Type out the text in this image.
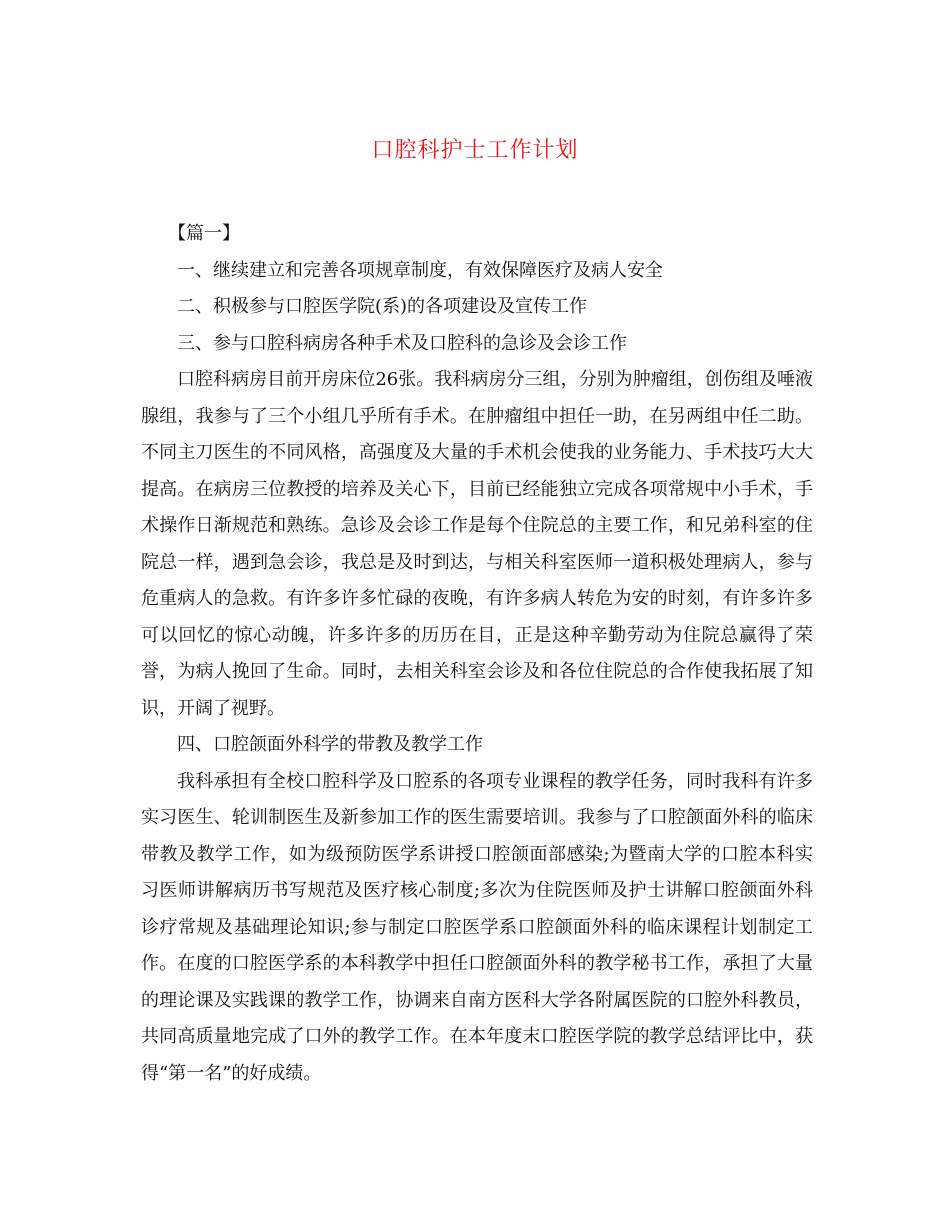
口腔科护士工作计划

【篇一】

一、继续建立和完善各项规章制度，有效保障医疗及病人安全

二、积极参与口腔医学院(系)的各项建设及宣传工作

三、参与口腔科病房各种手术及口腔科的急诊及会诊工作

口腔科病房目前开房床位26张。我科病房分三组，分别为肿瘤组，创伤组及唾液腺组，我参与了三个小组几乎所有手术。在肿瘤组中担任一助，在另两组中任二助。不同主刀医生的不同风格，高强度及大量的手术机会使我的业务能力、手术技巧大大提高。在病房三位教授的培养及关心下，目前已经能独立完成各项常规中小手术，手术操作日渐规范和熟练。急诊及会诊工作是每个住院总的主要工作，和兄弟科室的住院总一样，遇到急会诊，我总是及时到达，与相关科室医师一道积极处理病人，参与危重病人的急救。有许多许多忙碌的夜晚，有许多病人转危为安的时刻，有许多许多可以回忆的惊心动魄，许多许多的历历在目，正是这种辛勤劳动为住院总赢得了荣誉，为病人挽回了生命。同时，去相关科室会诊及和各位住院总的合作使我拓展了知识，开阔了视野。

四、口腔颌面外科学的带教及教学工作

我科承担有全校口腔科学及口腔系的各项专业课程的教学任务，同时我科有许多实习医生、轮训制医生及新参加工作的医生需要培训。我参与了口腔颌面外科的临床带教及教学工作，如为级预防医学系讲授口腔颌面部感染;为暨南大学的口腔本科实习医师讲解病历书写规范及医疗核心制度;多次为住院医师及护士讲解口腔颌面外科诊疗常规及基础理论知识;参与制定口腔医学系口腔颌面外科的临床课程计划制定工作。在度的口腔医学系的本科教学中担任口腔颌面外科的教学秘书工作，承担了大量的理论课及实践课的教学工作，协调来自南方医科大学各附属医院的口腔外科教员，共同高质量地完成了口外的教学工作。在本年度末口腔医学院的教学总结评比中，获得“第一名”的好成绩。
